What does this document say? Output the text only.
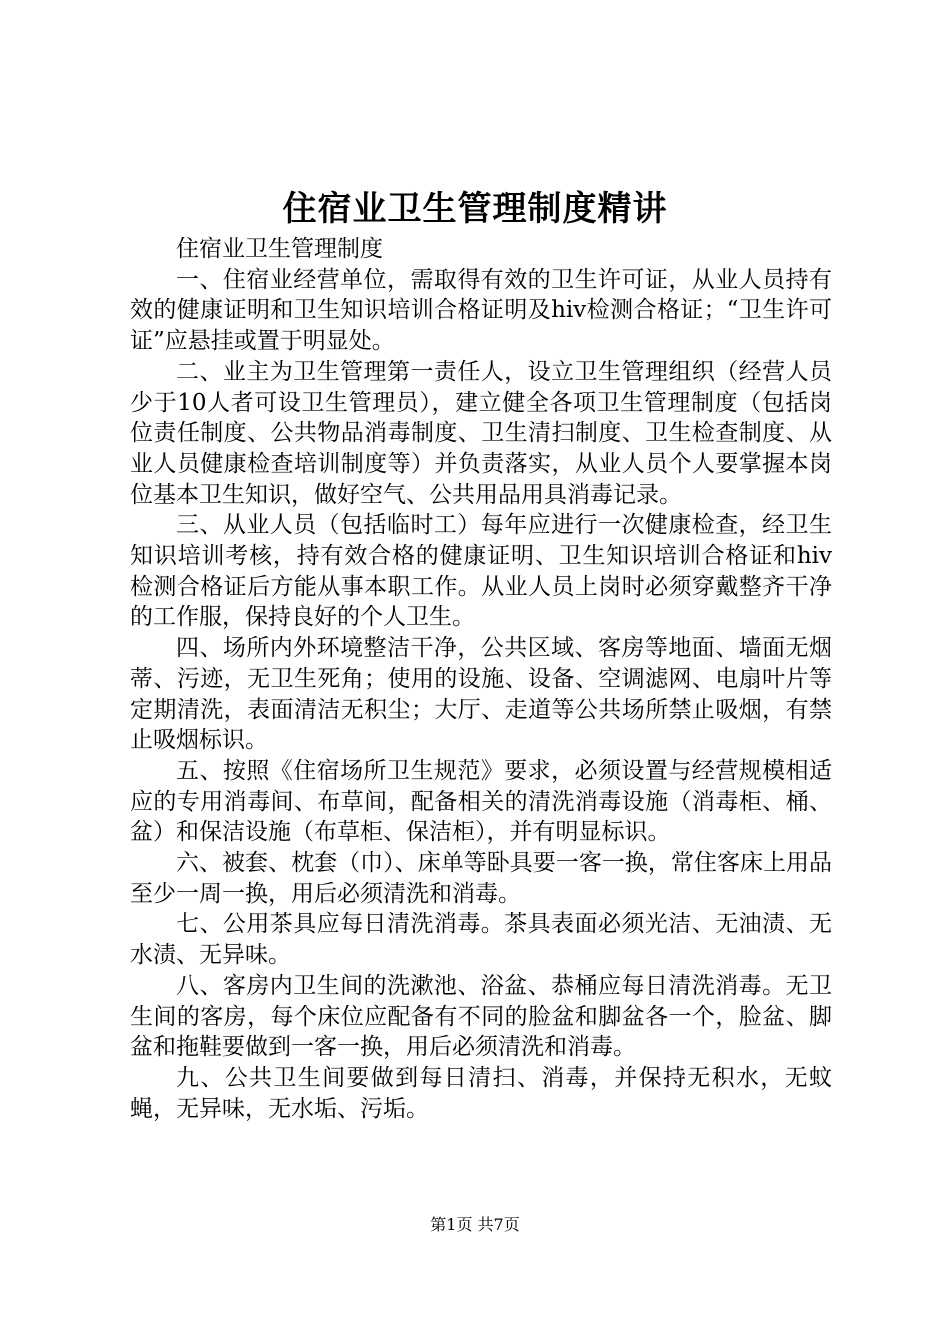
住宿业卫生管理制度精讲

住宿业卫生管理制度

一、住宿业经营单位，需取得有效的卫生许可证，从业人员持有效的健康证明和卫生知识培训合格证明及hiv检测合格证；“卫生许可证”应悬挂或置于明显处。

二、业主为卫生管理第一责任人，设立卫生管理组织（经营人员少于10人者可设卫生管理员），建立健全各项卫生管理制度（包括岗位责任制度、公共物品消毒制度、卫生清扫制度、卫生检查制度、从业人员健康检查培训制度等）并负责落实，从业人员个人要掌握本岗位基本卫生知识，做好空气、公共用品用具消毒记录。

三、从业人员（包括临时工）每年应进行一次健康检查，经卫生知识培训考核，持有效合格的健康证明、卫生知识培训合格证和hiv检测合格证后方能从事本职工作。从业人员上岗时必须穿戴整齐干净的工作服，保持良好的个人卫生。

四、场所内外环境整洁干净，公共区域、客房等地面、墙面无烟蒂、污迹，无卫生死角；使用的设施、设备、空调滤网、电扇叶片等定期清洗，表面清洁无积尘；大厅、走道等公共场所禁止吸烟，有禁止吸烟标识。

五、按照《住宿场所卫生规范》要求，必须设置与经营规模相适应的专用消毒间、布草间，配备相关的清洗消毒设施（消毒柜、桶、盆）和保洁设施（布草柜、保洁柜），并有明显标识。

六、被套、枕套（巾）、床单等卧具要一客一换，常住客床上用品至少一周一换，用后必须清洗和消毒。

七、公用茶具应每日清洗消毒。茶具表面必须光洁、无油渍、无水渍、无异味。

八、客房内卫生间的洗漱池、浴盆、恭桶应每日清洗消毒。无卫生间的客房，每个床位应配备有不同的脸盆和脚盆各一个，脸盆、脚盆和拖鞋要做到一客一换，用后必须清洗和消毒。

九、公共卫生间要做到每日清扫、消毒，并保持无积水，无蚊蝇，无异味，无水垢、污垢。

第1页 共7页
